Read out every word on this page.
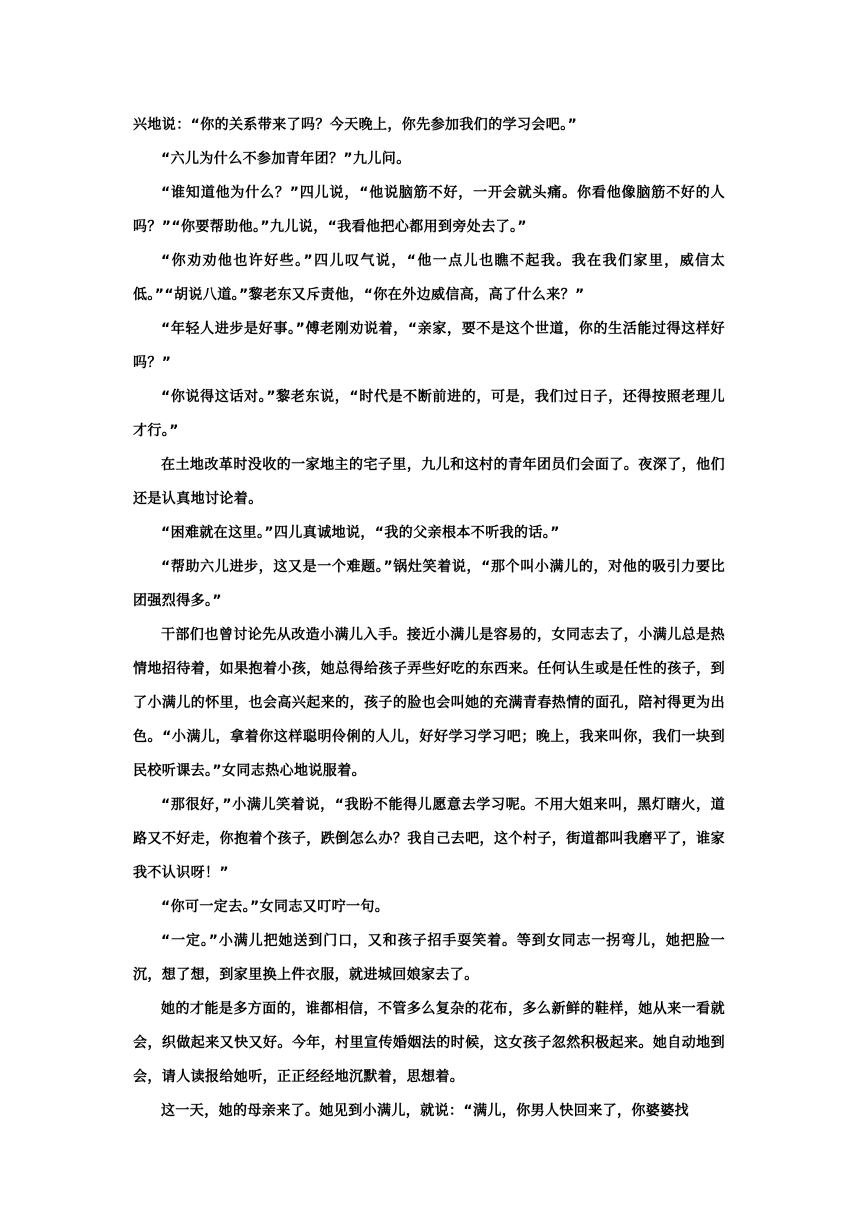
兴地说：“你的关系带来了吗？今天晚上，你先参加我们的学习会吧。”

“六儿为什么不参加青年团？”九儿问。

“谁知道他为什么？”四儿说，“他说脑筋不好，一开会就头痛。你看他像脑筋不好的人吗？”“你要帮助他。”九儿说，“我看他把心都用到旁处去了。”

“你劝劝他也许好些。”四儿叹气说，“他一点儿也瞧不起我。我在我们家里，威信太低。”“胡说八道。”黎老东又斥责他，“你在外边威信高，高了什么来？”

“年轻人进步是好事。”傅老刚劝说着，“亲家，要不是这个世道，你的生活能过得这样好吗？”

“你说得这话对。”黎老东说，“时代是不断前进的，可是，我们过日子，还得按照老理儿才行。”

在土地改革时没收的一家地主的宅子里，九儿和这村的青年团员们会面了。夜深了，他们还是认真地讨论着。

“困难就在这里。”四儿真诚地说，“我的父亲根本不听我的话。”

“帮助六儿进步，这又是一个难题。”锅灶笑着说，“那个叫小满儿的，对他的吸引力要比团强烈得多。”

干部们也曾讨论先从改造小满儿入手。接近小满儿是容易的，女同志去了，小满儿总是热情地招待着，如果抱着小孩，她总得给孩子弄些好吃的东西来。任何认生或是任性的孩子，到了小满儿的怀里，也会高兴起来的，孩子的脸也会叫她的充满青春热情的面孔，陪衬得更为出色。“小满儿，拿着你这样聪明伶俐的人儿，好好学习学习吧；晚上，我来叫你，我们一块到民校听课去。”女同志热心地说服着。

“那很好，”小满儿笑着说，“我盼不能得儿愿意去学习呢。不用大姐来叫，黑灯瞎火，道路又不好走，你抱着个孩子，跌倒怎么办？我自己去吧，这个村子，街道都叫我磨平了，谁家我不认识呀！”

“你可一定去。”女同志又叮咛一句。

“一定。”小满儿把她送到门口，又和孩子招手耍笑着。等到女同志一拐弯儿，她把脸一沉，想了想，到家里换上件衣服，就进城回娘家去了。

她的才能是多方面的，谁都相信，不管多么复杂的花布，多么新鲜的鞋样，她从来一看就会，织做起来又快又好。今年，村里宣传婚姻法的时候，这女孩子忽然积极起来。她自动地到会，请人读报给她听，正正经经地沉默着，思想着。

这一天，她的母亲来了。她见到小满儿，就说：“满儿，你男人快回来了，你婆婆找
